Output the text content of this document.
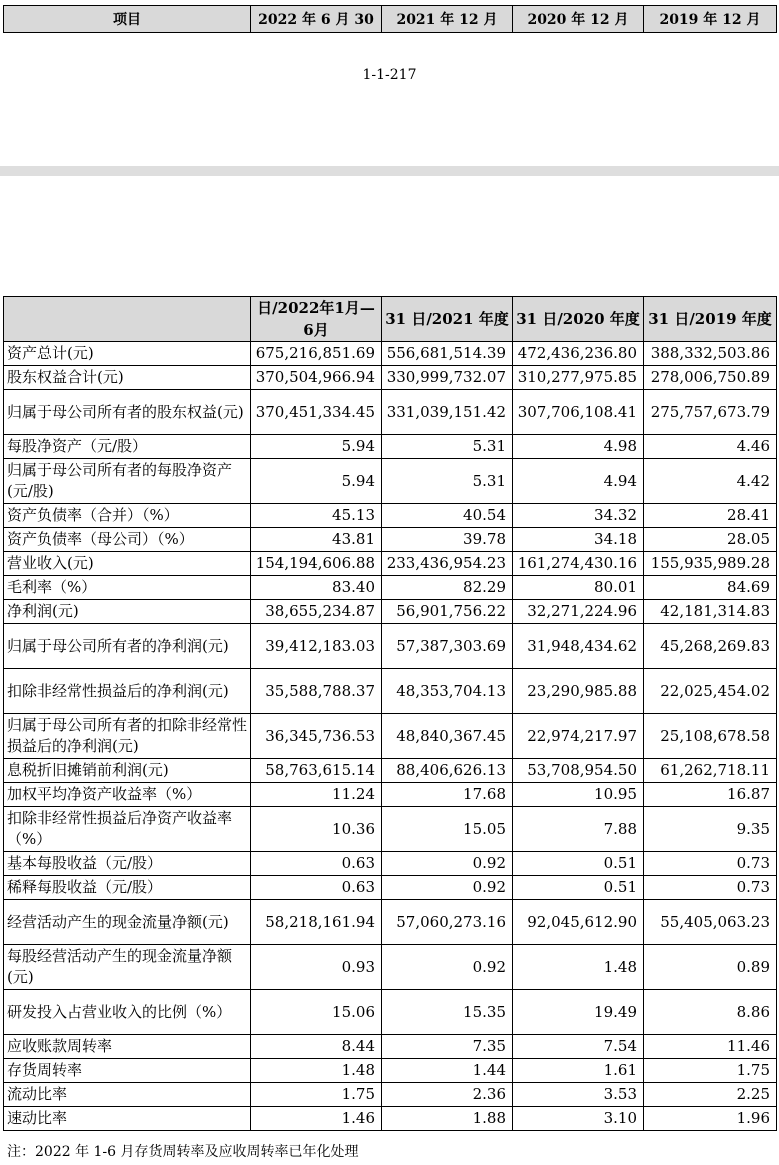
项目	2022 年 6 月 30	2021 年 12 月	2020 年 12 月	2019 年 12 月
1-1-217
	日/2022年1月—6月	31 日/2021 年度	31 日/2020 年度	31 日/2019 年度
资产总计(元)	675,216,851.69	556,681,514.39	472,436,236.80	388,332,503.86
股东权益合计(元)	370,504,966.94	330,999,732.07	310,277,975.85	278,006,750.89
归属于母公司所有者的股东权益(元)	370,451,334.45	331,039,151.42	307,706,108.41	275,757,673.79
每股净资产（元/股）	5.94	5.31	4.98	4.46
归属于母公司所有者的每股净资产(元/股)	5.94	5.31	4.94	4.42
资产负债率（合并）（%）	45.13	40.54	34.32	28.41
资产负债率（母公司）（%）	43.81	39.78	34.18	28.05
营业收入(元)	154,194,606.88	233,436,954.23	161,274,430.16	155,935,989.28
毛利率（%）	83.40	82.29	80.01	84.69
净利润(元)	38,655,234.87	56,901,756.22	32,271,224.96	42,181,314.83
归属于母公司所有者的净利润(元)	39,412,183.03	57,387,303.69	31,948,434.62	45,268,269.83
扣除非经常性损益后的净利润(元)	35,588,788.37	48,353,704.13	23,290,985.88	22,025,454.02
归属于母公司所有者的扣除非经常性损益后的净利润(元)	36,345,736.53	48,840,367.45	22,974,217.97	25,108,678.58
息税折旧摊销前利润(元)	58,763,615.14	88,406,626.13	53,708,954.50	61,262,718.11
加权平均净资产收益率（%）	11.24	17.68	10.95	16.87
扣除非经常性损益后净资产收益率（%）	10.36	15.05	7.88	9.35
基本每股收益（元/股）	0.63	0.92	0.51	0.73
稀释每股收益（元/股）	0.63	0.92	0.51	0.73
经营活动产生的现金流量净额(元)	58,218,161.94	57,060,273.16	92,045,612.90	55,405,063.23
每股经营活动产生的现金流量净额(元)	0.93	0.92	1.48	0.89
研发投入占营业收入的比例（%）	15.06	15.35	19.49	8.86
应收账款周转率	8.44	7.35	7.54	11.46
存货周转率	1.48	1.44	1.61	1.75
流动比率	1.75	2.36	3.53	2.25
速动比率	1.46	1.88	3.10	1.96
注：2022 年 1-6 月存货周转率及应收周转率已年化处理
